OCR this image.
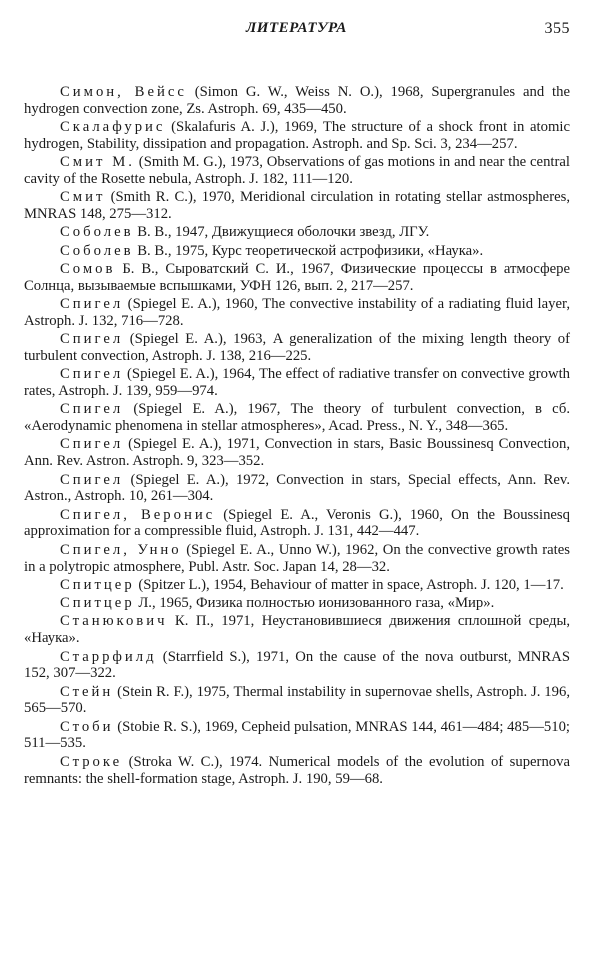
ЛИТЕРАТУРА	355

Симон, Вейсс (Simon G. W., Weiss N. O.), 1968, Supergranules and the hydrogen convection zone, Zs. Astroph. 69, 435—450.

Скалафурис (Skalafuris A. J.), 1969, The structure of a shock front in atomic hydrogen, Stability, dissipation and propagation. Astroph. and Sp. Sci. 3, 234—257.

Смит М. (Smith M. G.), 1973, Observations of gas motions in and near the central cavity of the Rosette nebula, Astroph. J. 182, 111—120.

Смит (Smith R. C.), 1970, Meridional circulation in rotating stellar astmospheres, MNRAS 148, 275—312.

Соболев В. В., 1947, Движущиеся оболочки звезд, ЛГУ.

Соболев В. В., 1975, Курс теоретической астрофизики, «Наука».

Сомов Б. В., Сыроватский С. И., 1967, Физические процессы в атмосфере Солнца, вызываемые вспышками, УФН 126, вып. 2, 217—257.

Спигел (Spiegel E. A.), 1960, The convective instability of a radiating fluid layer, Astroph. J. 132, 716—728.

Спигел (Spiegel E. A.), 1963, A generalization of the mixing length theory of turbulent convection, Astroph. J. 138, 216—225.

Спигел (Spiegel E. A.), 1964, The effect of radiative transfer on convective growth rates, Astroph. J. 139, 959—974.

Спигел (Spiegel E. A.), 1967, The theory of turbulent convection, в сб. «Aerodynamic phenomena in stellar atmospheres», Acad. Press., N. Y., 348—365.

Спигел (Spiegel E. A.), 1971, Convection in stars, Basic Boussinesq Convection, Ann. Rev. Astron. Astroph. 9, 323—352.

Спигел (Spiegel E. A.), 1972, Convection in stars, Special effects, Ann. Rev. Astron., Astroph. 10, 261—304.

Спигел, Веронис (Spiegel E. A., Veronis G.), 1960, On the Boussinesq approximation for a compressible fluid, Astroph. J. 131, 442—447.

Спигел, Унно (Spiegel E. A., Unno W.), 1962, On the convective growth rates in a polytropic atmosphere, Publ. Astr. Soc. Japan 14, 28—32.

Спитцер (Spitzer L.), 1954, Behaviour of matter in space, Astroph. J. 120, 1—17.

Спитцер Л., 1965, Физика полностью ионизованного газа, «Мир».

Станюкович К. П., 1971, Неустановившиеся движения сплошной среды, «Наука».

Старрфилд (Starrfield S.), 1971, On the cause of the nova outburst, MNRAS 152, 307—322.

Стейн (Stein R. F.), 1975, Thermal instability in supernovae shells, Astroph. J. 196, 565—570.

Стоби (Stobie R. S.), 1969, Cepheid pulsation, MNRAS 144, 461—484; 485—510; 511—535.

Строке (Stroka W. C.), 1974. Numerical models of the evolution of supernova remnants: the shell-formation stage, Astroph. J. 190, 59—68.
